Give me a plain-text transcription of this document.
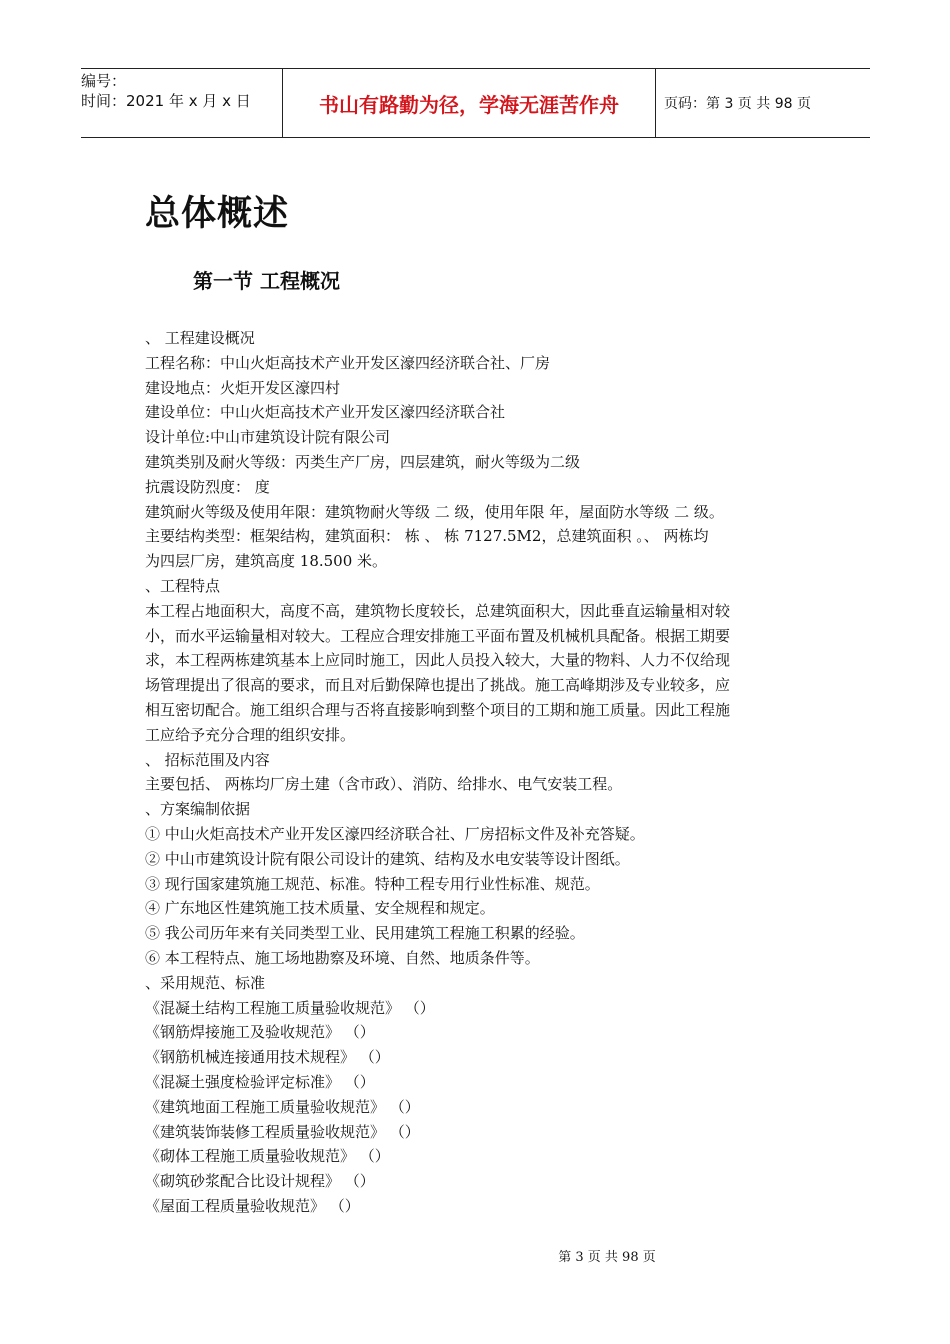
编号：
时间：2021 年 x 月 x 日	书山有路勤为径，学海无涯苦作舟	页码：第 3 页 共 98 页
总体概述
第一节 工程概况

、 工程建设概况

工程名称：中山火炬高技术产业开发区濠四经济联合社、厂房

建设地点：火炬开发区濠四村

建设单位：中山火炬高技术产业开发区濠四经济联合社

设计单位:中山市建筑设计院有限公司

建筑类别及耐火等级：丙类生产厂房，四层建筑，耐火等级为二级

抗震设防烈度： 度

建筑耐火等级及使用年限：建筑物耐火等级 二 级，使用年限 年，屋面防水等级 二 级。

主要结构类型：框架结构，建筑面积： 栋 、 栋 7127.5M2，总建筑面积 。、 两栋均

为四层厂房，建筑高度 18.500 米。

、工程特点

本工程占地面积大，高度不高，建筑物长度较长，总建筑面积大，因此垂直运输量相对较

小，而水平运输量相对较大。工程应合理安排施工平面布置及机械机具配备。根据工期要

求，本工程两栋建筑基本上应同时施工，因此人员投入较大，大量的物料、人力不仅给现

场管理提出了很高的要求，而且对后勤保障也提出了挑战。施工高峰期涉及专业较多，应

相互密切配合。施工组织合理与否将直接影响到整个项目的工期和施工质量。因此工程施

工应给予充分合理的组织安排。

、 招标范围及内容

主要包括、 两栋均厂房土建（含市政）、消防、给排水、电气安装工程。

、方案编制依据

① 中山火炬高技术产业开发区濠四经济联合社、厂房招标文件及补充答疑。

② 中山市建筑设计院有限公司设计的建筑、结构及水电安装等设计图纸。

③ 现行国家建筑施工规范、标准。特种工程专用行业性标准、规范。

④ 广东地区性建筑施工技术质量、安全规程和规定。

⑤ 我公司历年来有关同类型工业、民用建筑工程施工积累的经验。

⑥ 本工程特点、施工场地勘察及环境、自然、地质条件等。

、采用规范、标准

《混凝土结构工程施工质量验收规范》 （）

《钢筋焊接施工及验收规范》 （）

《钢筋机械连接通用技术规程》 （）

《混凝土强度检验评定标准》 （）

《建筑地面工程施工质量验收规范》 （）

《建筑装饰装修工程质量验收规范》 （）

《砌体工程施工质量验收规范》 （）

《砌筑砂浆配合比设计规程》 （）

《屋面工程质量验收规范》 （）

第 3 页 共 98 页
